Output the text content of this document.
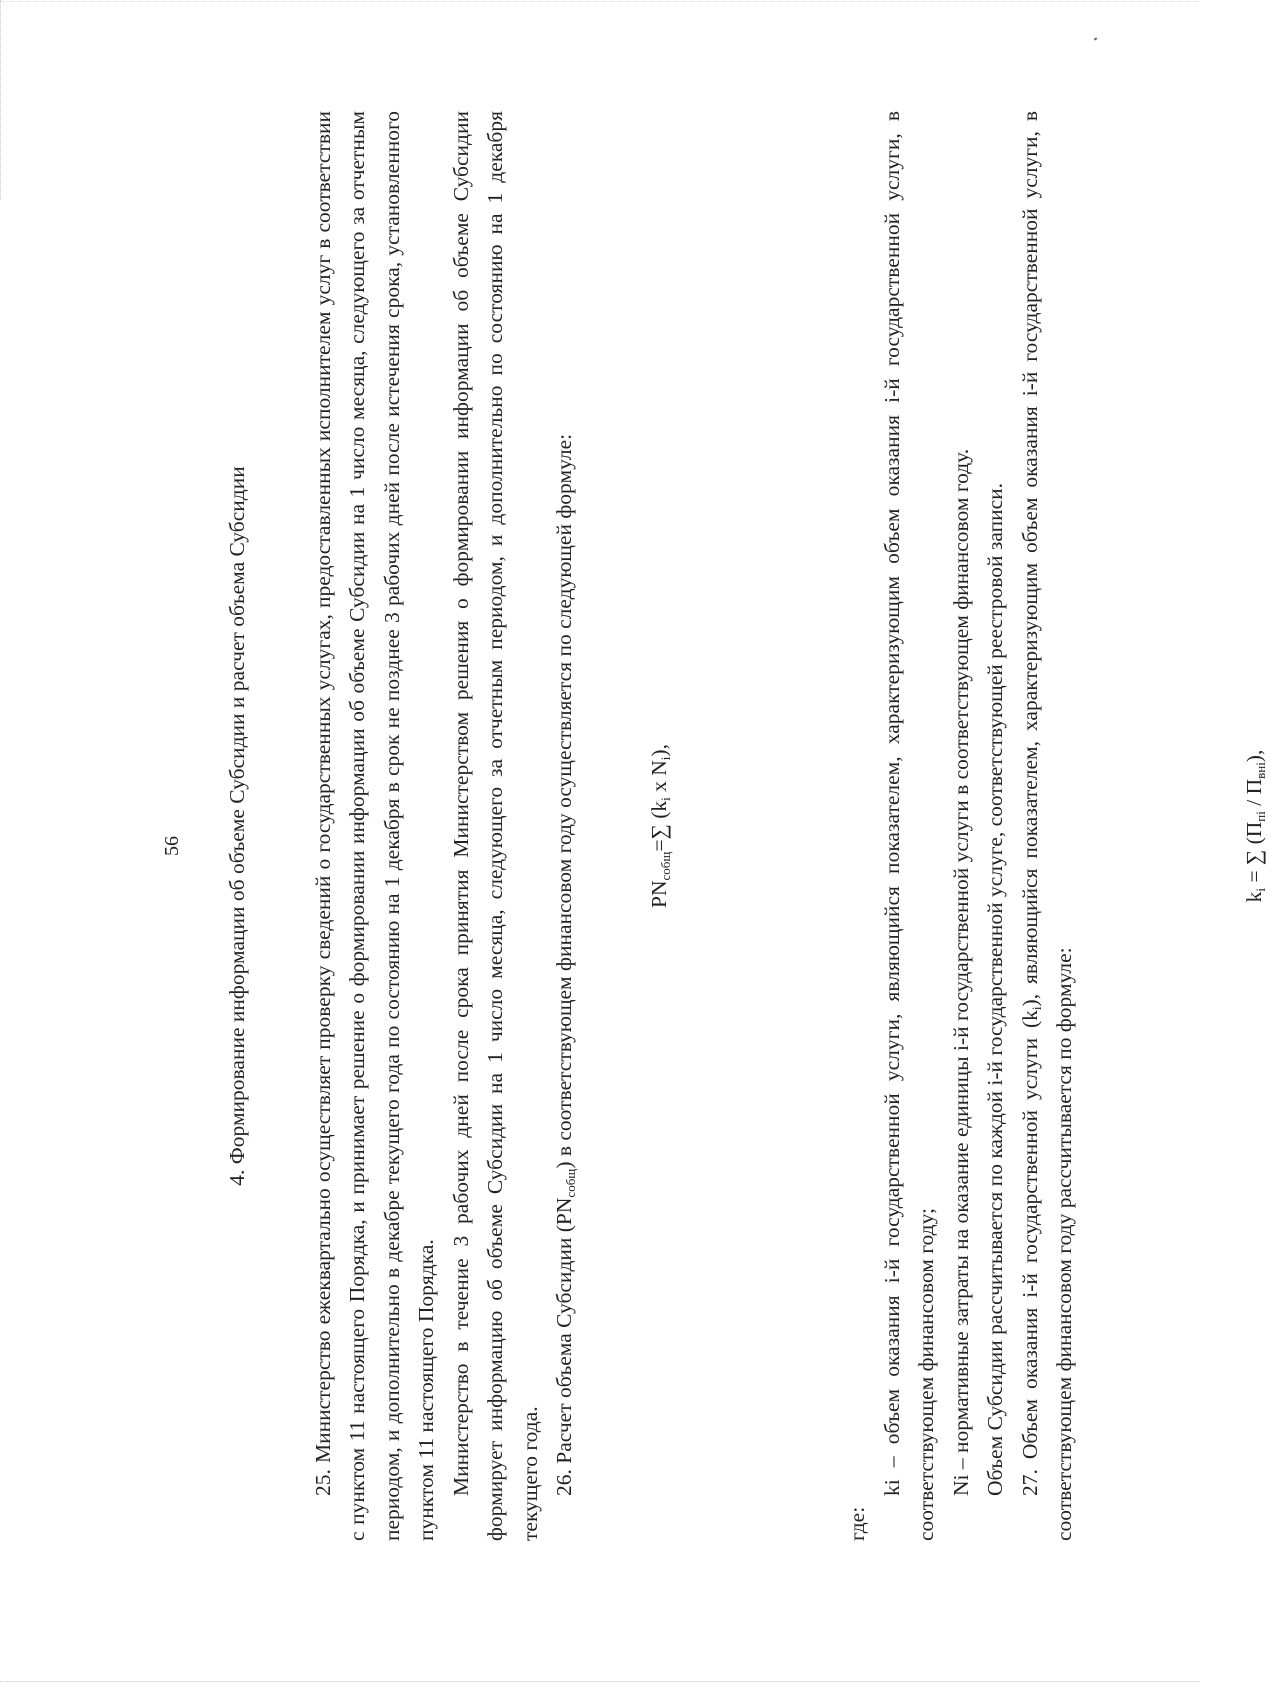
56 4. Формирование информации об объеме Субсидии и расчет объема Субсидии	25. Министерство ежеквартально осуществляет проверку сведений о государственных услугах, предоставленных исполнителем услуг в соответствии с пунктом 11 настоящего Порядка, и принимает решение о формировании информации об объеме Субсидии на 1 число месяца, следующего за отчетным периодом, и дополнительно в декабре текущего года по состоянию на 1 декабря в срок не позднее 3 рабочих дней после истечения срока, установленного пунктом 11 настоящего Порядка. Министерство в течение 3 рабочих дней после срока принятия Министерством решения о формировании информации об объеме Субсидии формирует информацию об объеме Субсидии на 1 число месяца, следующего за отчетным периодом, и дополнительно по состоянию на 1 декабря текущего года. 26. Расчет объема Субсидии $(PN_{собщ})$ в соответствующем финансовом году осуществляется по следующей формуле:	$PN_{собщ}=\sum$ ($k_i$ x $N_i$),

где:

ki – объем оказания i-й государственной услуги, являющийся показателем, характеризующим объем оказания i-й государственной услуги, в соответствующем финансовом году; Ni – нормативные затраты на оказание единицы i-й государственной услуги в соответствующем финансовом году. Объем Субсидии рассчитывается по каждой i-й государственной услуге, соответствующей реестровой записи. 27. Объем оказания i-й государственной услуги $(k_i)$, являющийся показателем, характеризующим объем оказания i-й государственной услуги, в соответствующем финансовом году рассчитывается по формуле:

$k_i$ = ∑ $(П_{пi} / П_{внi})$,
